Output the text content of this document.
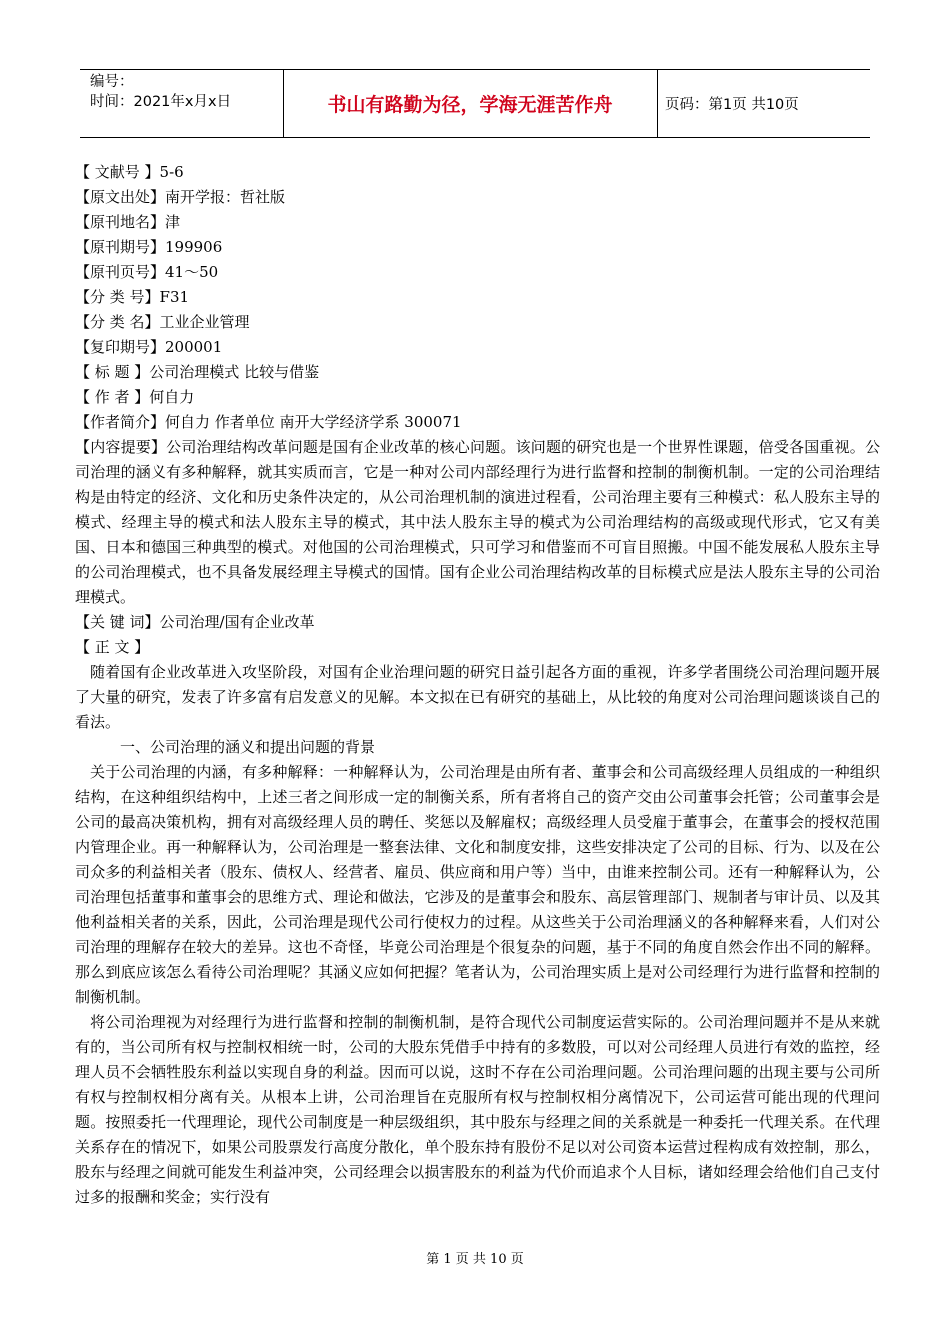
编号：
时间：2021年x月x日	书山有路勤为径，学海无涯苦作舟	页码：第1页 共10页
【 文献号 】5-6
【原文出处】南开学报：哲社版
【原刊地名】津
【原刊期号】199906
【原刊页号】41～50
【分 类 号】F31
【分 类 名】工业企业管理
【复印期号】200001
【 标 题 】公司治理模式 比较与借鉴
【 作 者 】何自力
【作者简介】何自力 作者单位 南开大学经济学系 300071
【内容提要】公司治理结构改革问题是国有企业改革的核心问题。该问题的研究也是一个世界性课题，倍受各国重视。公司治理的涵义有多种解释，就其实质而言，它是一种对公司内部经理行为进行监督和控制的制衡机制。一定的公司治理结构是由特定的经济、文化和历史条件决定的，从公司治理机制的演进过程看，公司治理主要有三种模式：私人股东主导的模式、经理主导的模式和法人股东主导的模式，其中法人股东主导的模式为公司治理结构的高级或现代形式，它又有美国、日本和德国三种典型的模式。对他国的公司治理模式，只可学习和借鉴而不可盲目照搬。中国不能发展私人股东主导的公司治理模式，也不具备发展经理主导模式的国情。国有企业公司治理结构改革的目标模式应是法人股东主导的公司治理模式。
【关 键 词】公司治理/国有企业改革
【 正 文 】
随着国有企业改革进入攻坚阶段，对国有企业治理问题的研究日益引起各方面的重视，许多学者围绕公司治理问题开展了大量的研究，发表了许多富有启发意义的见解。本文拟在已有研究的基础上，从比较的角度对公司治理问题谈谈自己的看法。
一、公司治理的涵义和提出问题的背景
关于公司治理的内涵，有多种解释：一种解释认为，公司治理是由所有者、董事会和公司高级经理人员组成的一种组织结构，在这种组织结构中，上述三者之间形成一定的制衡关系，所有者将自己的资产交由公司董事会托管；公司董事会是公司的最高决策机构，拥有对高级经理人员的聘任、奖惩以及解雇权；高级经理人员受雇于董事会，在董事会的授权范围内管理企业。再一种解释认为，公司治理是一整套法律、文化和制度安排，这些安排决定了公司的目标、行为、以及在公司众多的利益相关者（股东、债权人、经营者、雇员、供应商和用户等）当中，由谁来控制公司。还有一种解释认为，公司治理包括董事和董事会的思维方式、理论和做法，它涉及的是董事会和股东、高层管理部门、规制者与审计员、以及其他利益相关者的关系，因此，公司治理是现代公司行使权力的过程。从这些关于公司治理涵义的各种解释来看，人们对公司治理的理解存在较大的差异。这也不奇怪，毕竟公司治理是个很复杂的问题，基于不同的角度自然会作出不同的解释。那么到底应该怎么看待公司治理呢？其涵义应如何把握？笔者认为，公司治理实质上是对公司经理行为进行监督和控制的制衡机制。
将公司治理视为对经理行为进行监督和控制的制衡机制，是符合现代公司制度运营实际的。公司治理问题并不是从来就有的，当公司所有权与控制权相统一时，公司的大股东凭借手中持有的多数股，可以对公司经理人员进行有效的监控，经理人员不会牺牲股东利益以实现自身的利益。因而可以说，这时不存在公司治理问题。公司治理问题的出现主要与公司所有权与控制权相分离有关。从根本上讲，公司治理旨在克服所有权与控制权相分离情况下，公司运营可能出现的代理问题。按照委托一代理理论，现代公司制度是一种层级组织，其中股东与经理之间的关系就是一种委托一代理关系。在代理关系存在的情况下，如果公司股票发行高度分散化，单个股东持有股份不足以对公司资本运营过程构成有效控制，那么，股东与经理之间就可能发生利益冲突，公司经理会以损害股东的利益为代价而追求个人目标，诸如经理会给他们自己支付过多的报酬和奖金；实行没有
第 1 页 共 10 页
